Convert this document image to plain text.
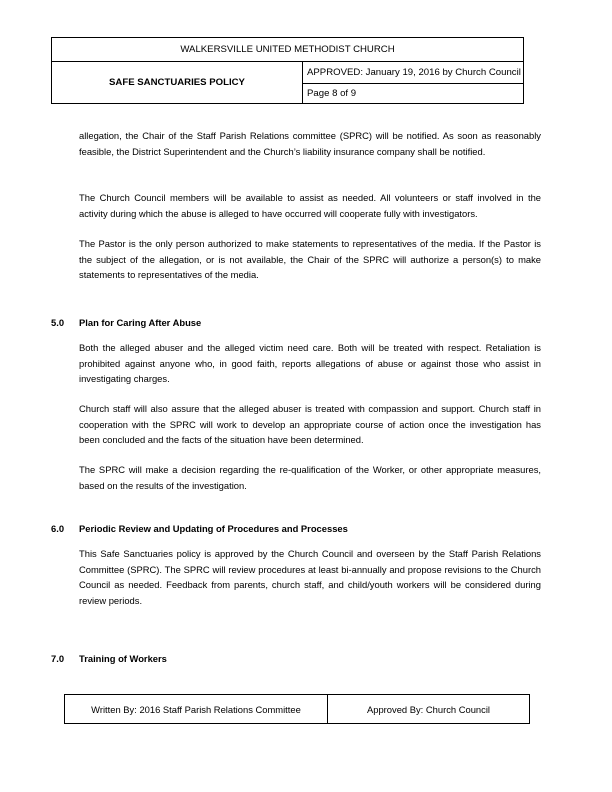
WALKERSVILLE UNITED METHODIST CHURCH
SAFE SANCTUARIES POLICY	APPROVED: January 19, 2016 by Church Council
Page 8 of 9

allegation, the Chair of the Staff Parish Relations committee (SPRC) will be notified. As soon as reasonably feasible, the District Superintendent and the Church’s liability insurance company shall be notified.

The Church Council members will be available to assist as needed. All volunteers or staff involved in the activity during which the abuse is alleged to have occurred will cooperate fully with investigators.

The Pastor is the only person authorized to make statements to representatives of the media. If the Pastor is the subject of the allegation, or is not available, the Chair of the SPRC will authorize a person(s) to make statements to representatives of the media.

5.0 Plan for Caring After Abuse

Both the alleged abuser and the alleged victim need care. Both will be treated with respect. Retaliation is prohibited against anyone who, in good faith, reports allegations of abuse or against those who assist in investigating charges.

Church staff will also assure that the alleged abuser is treated with compassion and support. Church staff in cooperation with the SPRC will work to develop an appropriate course of action once the investigation has been concluded and the facts of the situation have been determined.

The SPRC will make a decision regarding the re-qualification of the Worker, or other appropriate measures, based on the results of the investigation.

6.0 Periodic Review and Updating of Procedures and Processes

This Safe Sanctuaries policy is approved by the Church Council and overseen by the Staff Parish Relations Committee (SPRC). The SPRC will review procedures at least bi-annually and propose revisions to the Church Council as needed. Feedback from parents, church staff, and child/youth workers will be considered during review periods.

7.0 Training of Workers
Written By: 2016 Staff Parish Relations Committee	Approved By: Church Council
